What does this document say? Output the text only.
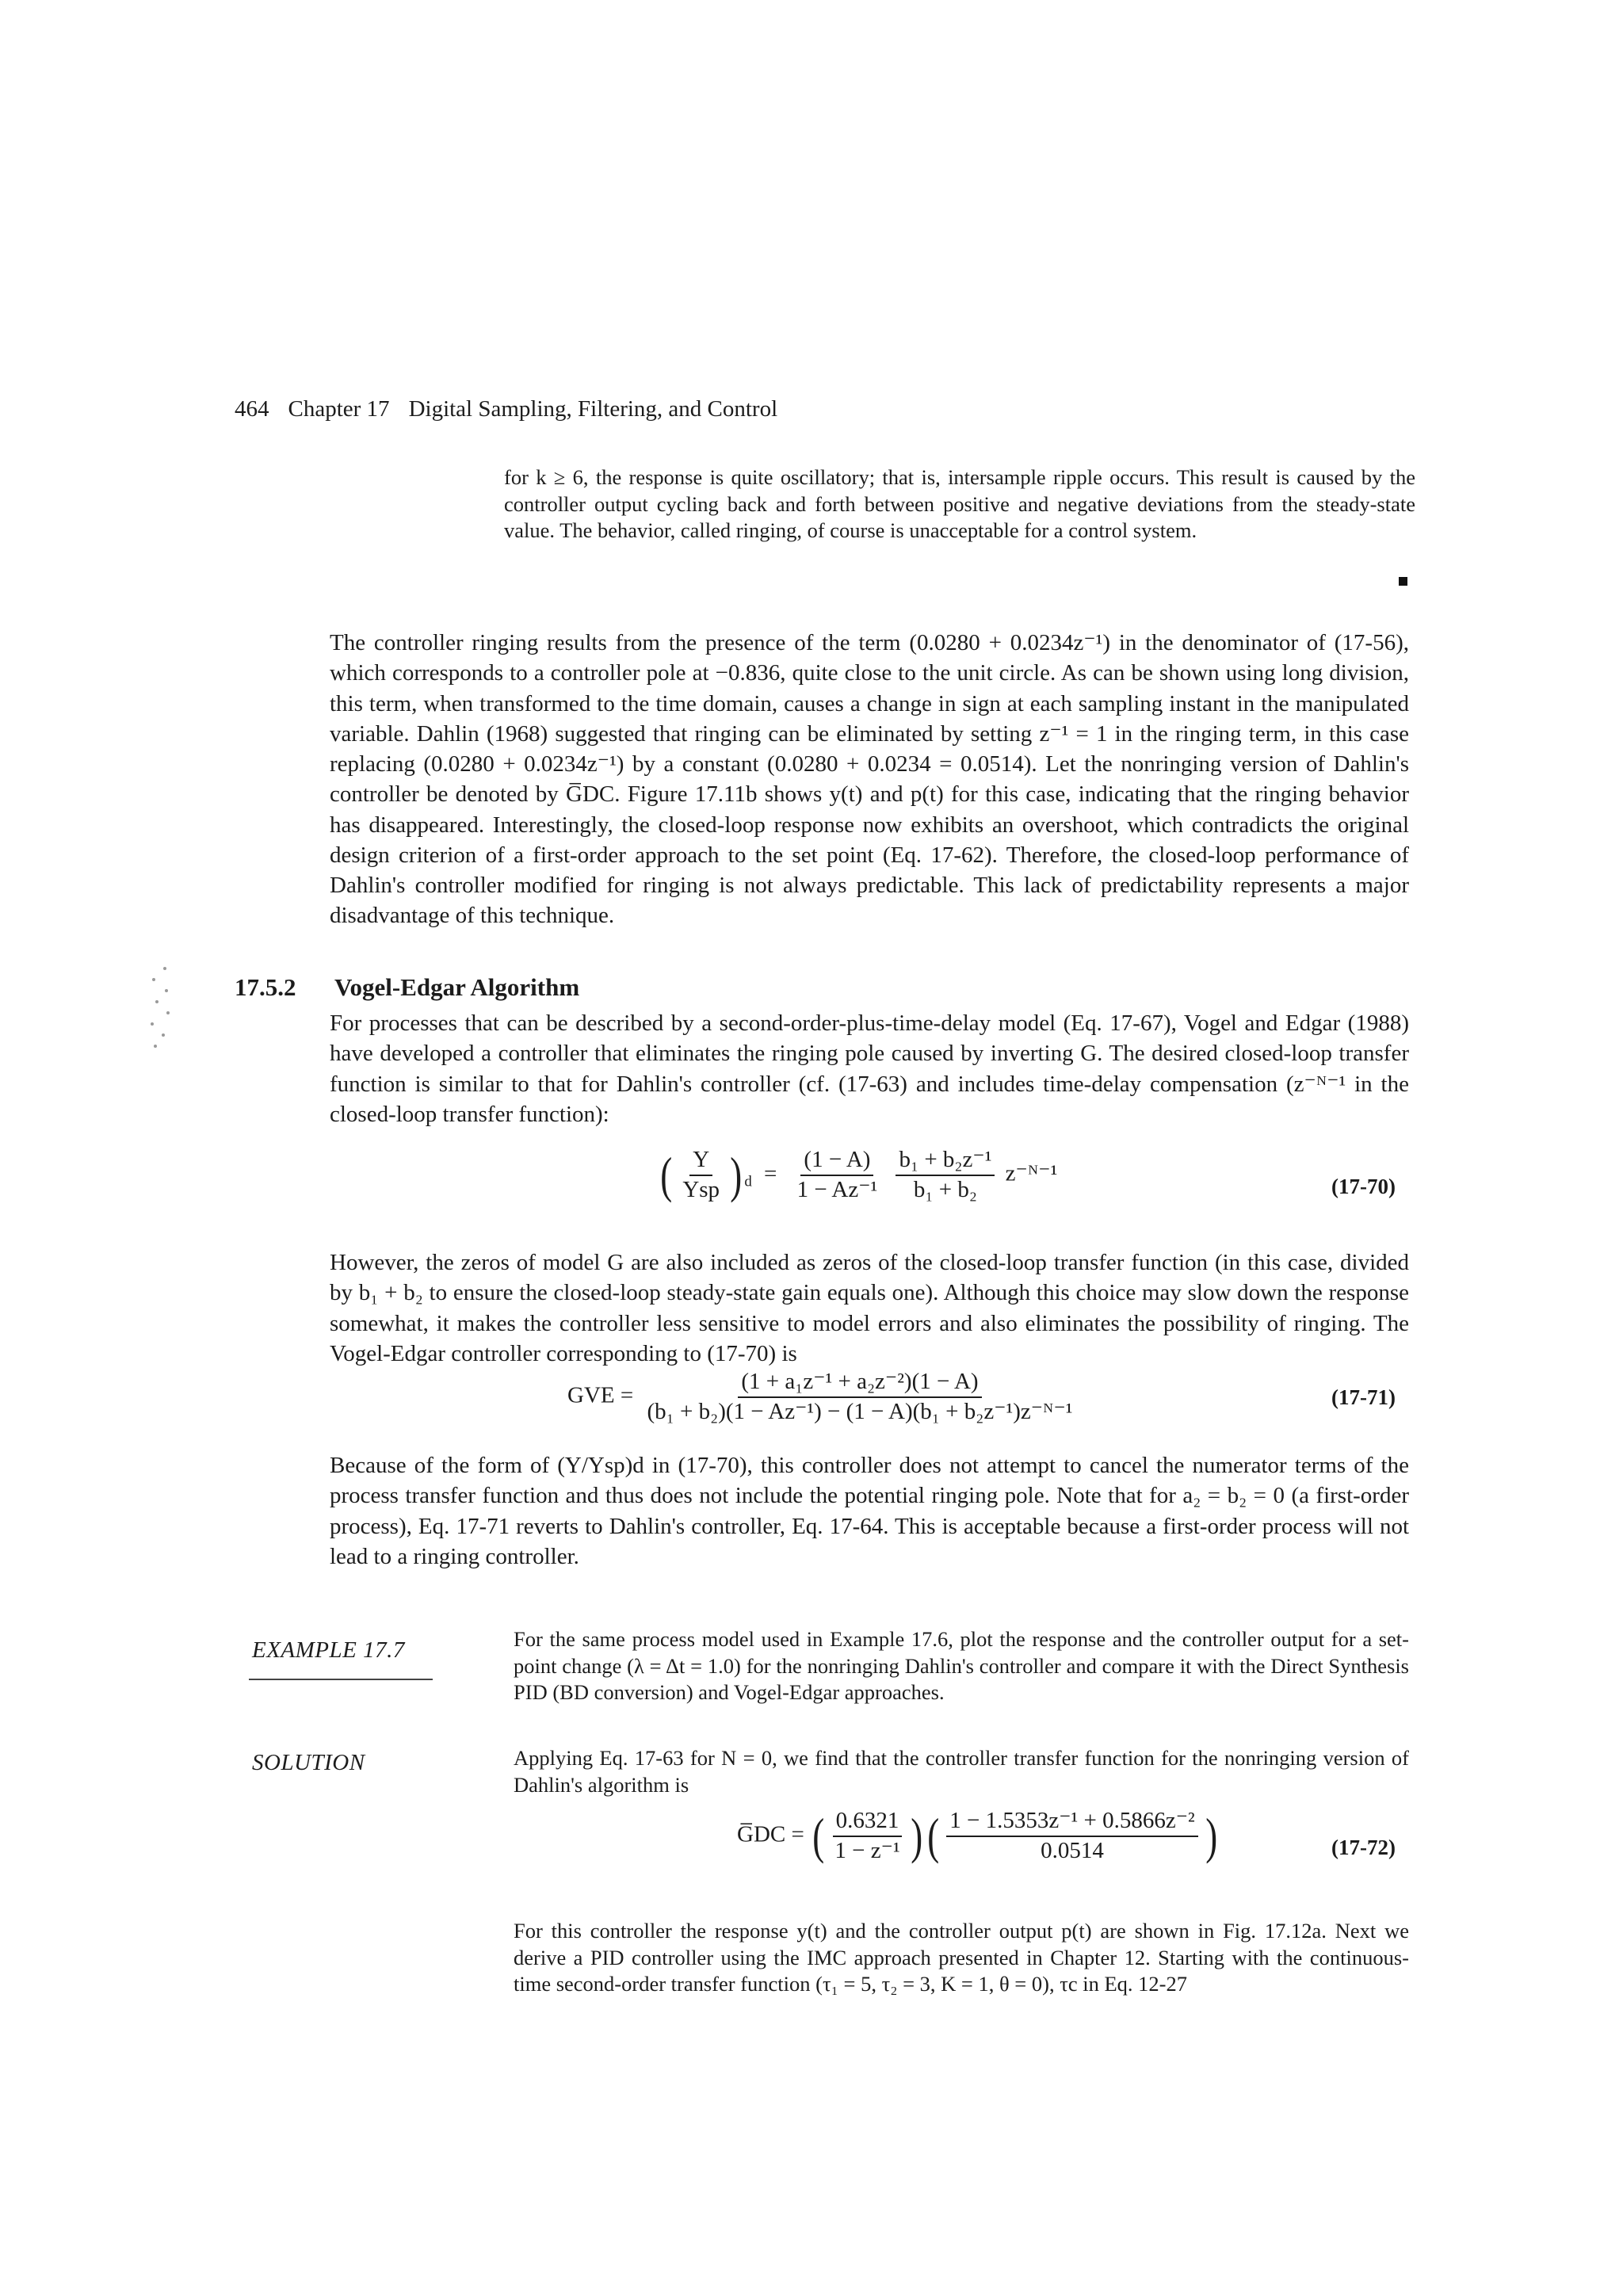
464 Chapter 17 Digital Sampling, Filtering, and Control
for k ≥ 6, the response is quite oscillatory; that is, intersample ripple occurs. This result is caused by the controller output cycling back and forth between positive and negative deviations from the steady-state value. The behavior, called ringing, of course is unacceptable for a control system.
The controller ringing results from the presence of the term (0.0280 + 0.0234z⁻¹) in the denominator of (17-56), which corresponds to a controller pole at −0.836, quite close to the unit circle. As can be shown using long division, this term, when transformed to the time domain, causes a change in sign at each sampling instant in the manipulated variable. Dahlin (1968) suggested that ringing can be eliminated by setting z⁻¹ = 1 in the ringing term, in this case replacing (0.0280 + 0.0234z⁻¹) by a constant (0.0280 + 0.0234 = 0.0514). Let the nonringing version of Dahlin's controller be denoted by G̅DC. Figure 17.11b shows y(t) and p(t) for this case, indicating that the ringing behavior has disappeared. Interestingly, the closed-loop response now exhibits an overshoot, which contradicts the original design criterion of a first-order approach to the set point (Eq. 17-62). Therefore, the closed-loop performance of Dahlin's controller modified for ringing is not always predictable. This lack of predictability represents a major disadvantage of this technique.
17.5.2 Vogel-Edgar Algorithm
For processes that can be described by a second-order-plus-time-delay model (Eq. 17-67), Vogel and Edgar (1988) have developed a controller that eliminates the ringing pole caused by inverting G. The desired closed-loop transfer function is similar to that for Dahlin's controller (cf. (17-63) and includes time-delay compensation (z⁻ᴺ⁻¹ in the closed-loop transfer function):
( $\frac{Y}{\text{Ysp}}$ ) $_d = \frac{(1 - A)}{\text{1 − Az⁻¹}}$
$\frac{\text{b₁ + b₂z⁻¹}}{\text{b₁ + b₂}}$ z⁻ᴺ⁻¹
(17-70)
However, the zeros of model G are also included as zeros of the closed-loop transfer function (in this case, divided by b₁ + b₂ to ensure the closed-loop steady-state gain equals one). Although this choice may slow down the response somewhat, it makes the controller less sensitive to model errors and also eliminates the possibility of ringing. The Vogel-Edgar controller corresponding to (17-70) is
GVE = $\frac{\text{(1 + a₁z⁻¹ + a₂z⁻²)(1 − A)}}{\text{(b₁ + b₂)(1 − Az⁻¹) − (1 − A)(b₁ + b₂z⁻¹)z⁻ᴺ⁻¹}}$	(17-71)
Because of the form of (Y/Ysp)d in (17-70), this controller does not attempt to cancel the numerator terms of the process transfer function and thus does not include the potential ringing pole. Note that for a₂ = b₂ = 0 (a first-order process), Eq. 17-71 reverts to Dahlin's controller, Eq. 17-64. This is acceptable because a first-order process will not lead to a ringing controller.
EXAMPLE 17.7	For the same process model used in Example 17.6, plot the response and the controller output for a set-point change (λ = Δt = 1.0) for the nonringing Dahlin's controller and compare it with the Direct Synthesis PID (BD conversion) and Vogel-Edgar approaches.
SOLUTION	Applying Eq. 17-63 for N = 0, we find that the controller transfer function for the nonringing version of Dahlin's algorithm is
G̅DC = ( $\frac{0.6321}{\text{1 − z⁻¹}}$ )( $\frac{\text{1 − 1.5353z⁻¹ + 0.5866z⁻²}}{0.0514}$ )	(17-72)
For this controller the response y(t) and the controller output p(t) are shown in Fig. 17.12a. Next we derive a PID controller using the IMC approach presented in Chapter 12. Starting with the continuous-time second-order transfer function (τ₁ = 5, τ₂ = 3, K = 1, θ = 0), τc in Eq. 12-27
